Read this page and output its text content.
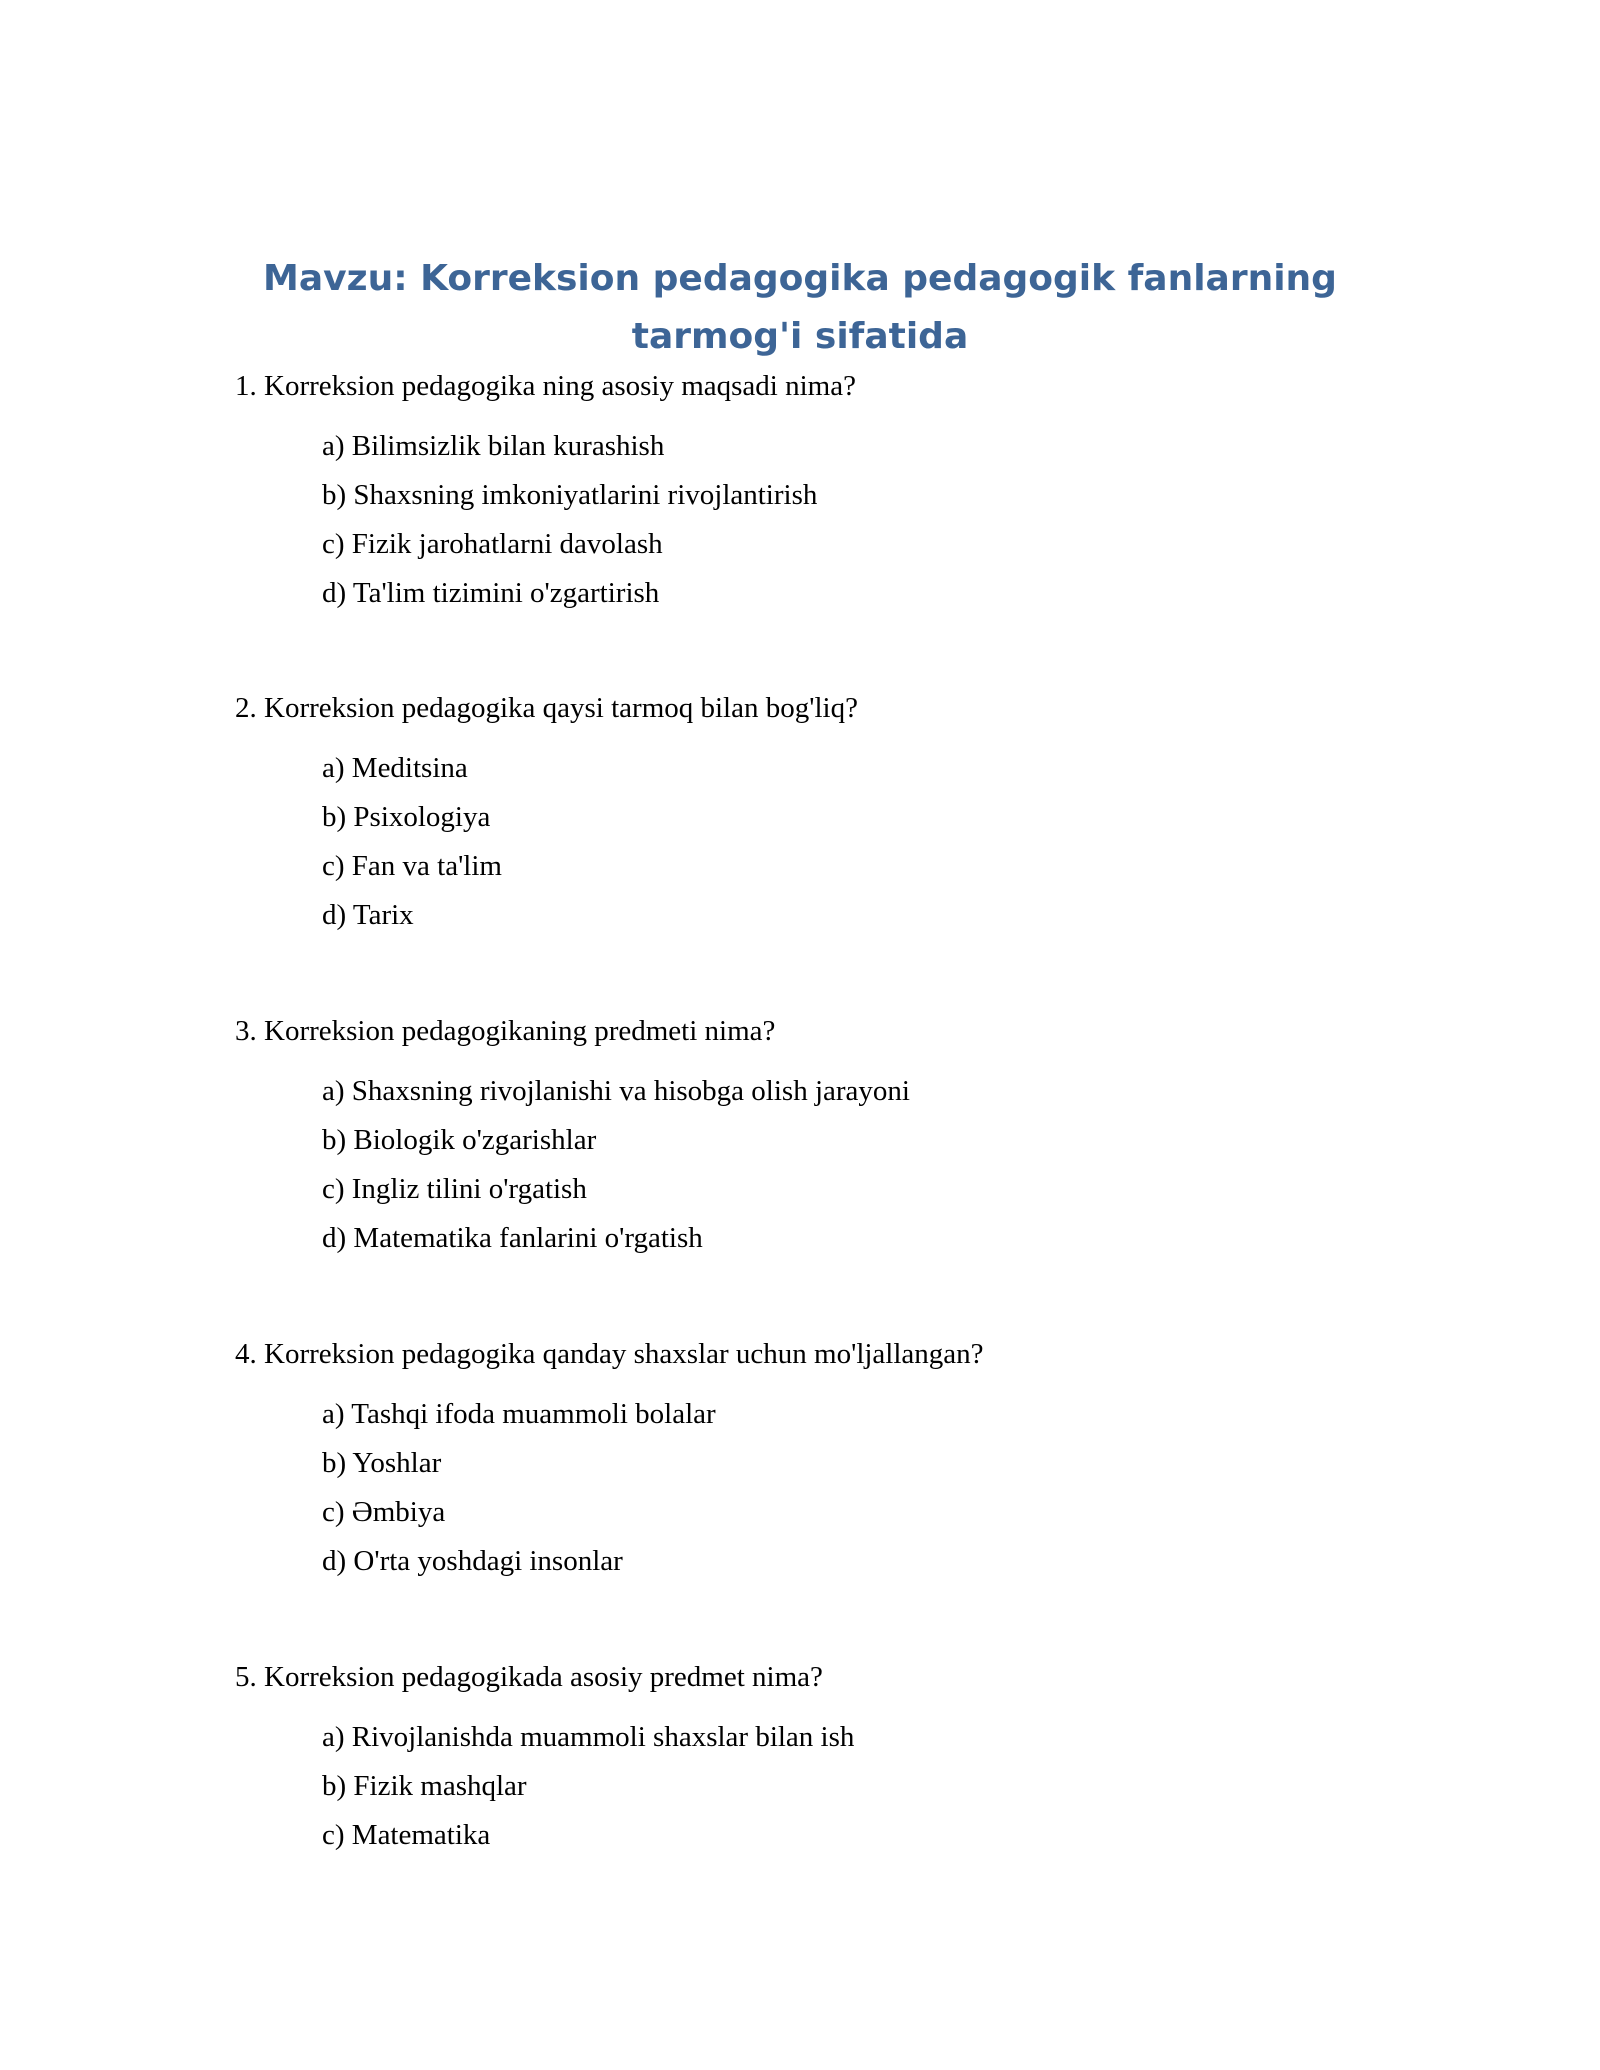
Mavzu: Korreksion pedagogika pedagogik fanlarning tarmog'i sifatida

1. Korreksion pedagogika ning asosiy maqsadi nima?

a) Bilimsizlik bilan kurashish
b) Shaxsning imkoniyatlarini rivojlantirish
c) Fizik jarohatlarni davolash
d) Ta'lim tizimini o'zgartirish

2. Korreksion pedagogika qaysi tarmoq bilan bog'liq?

a) Meditsina
b) Psixologiya
c) Fan va ta'lim
d) Tarix

3. Korreksion pedagogikaning predmeti nima?

a) Shaxsning rivojlanishi va hisobga olish jarayoni
b) Biologik o'zgarishlar
c) Ingliz tilini o'rgatish
d) Matematika fanlarini o'rgatish

4. Korreksion pedagogika qanday shaxslar uchun mo'ljallangan?

a) Tashqi ifoda muammoli bolalar
b) Yoshlar
c) Əmbiya
d) O'rta yoshdagi insonlar

5. Korreksion pedagogikada asosiy predmet nima?

a) Rivojlanishda muammoli shaxslar bilan ish
b) Fizik mashqlar
c) Matematika
